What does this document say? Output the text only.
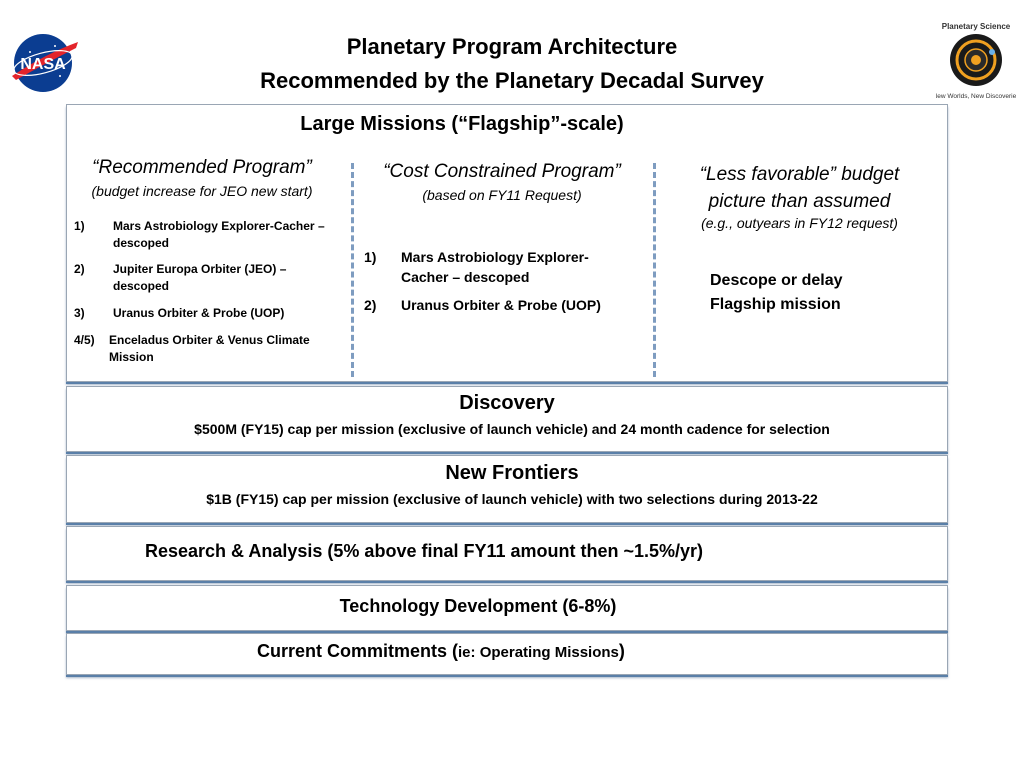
NASA
Planetary Science
New Worlds, New Discoveries
Planetary Program Architecture
Recommended by the Planetary Decadal Survey
Large Missions (“Flagship”-scale)
“Recommended Program”
(budget increase for JEO new start)
1) Mars Astrobiology Explorer-Cacher – descoped
2) Jupiter Europa Orbiter (JEO) – descoped
3) Uranus Orbiter & Probe (UOP)
4/5) Enceladus Orbiter & Venus Climate Mission
“Cost Constrained Program”
(based on FY11 Request)
1) Mars Astrobiology Explorer-Cacher – descoped
2) Uranus Orbiter & Probe (UOP)
“Less favorable” budget picture than assumed
(e.g., outyears in FY12 request)
Descope or delay Flagship mission
Discovery
$500M (FY15) cap per mission (exclusive of launch vehicle) and 24 month cadence for selection
New Frontiers
$1B (FY15) cap per mission (exclusive of launch vehicle) with two selections during 2013-22
Research & Analysis (5% above final FY11 amount then ~1.5%/yr)
Technology Development (6-8%)
Current Commitments (ie: Operating Missions)
